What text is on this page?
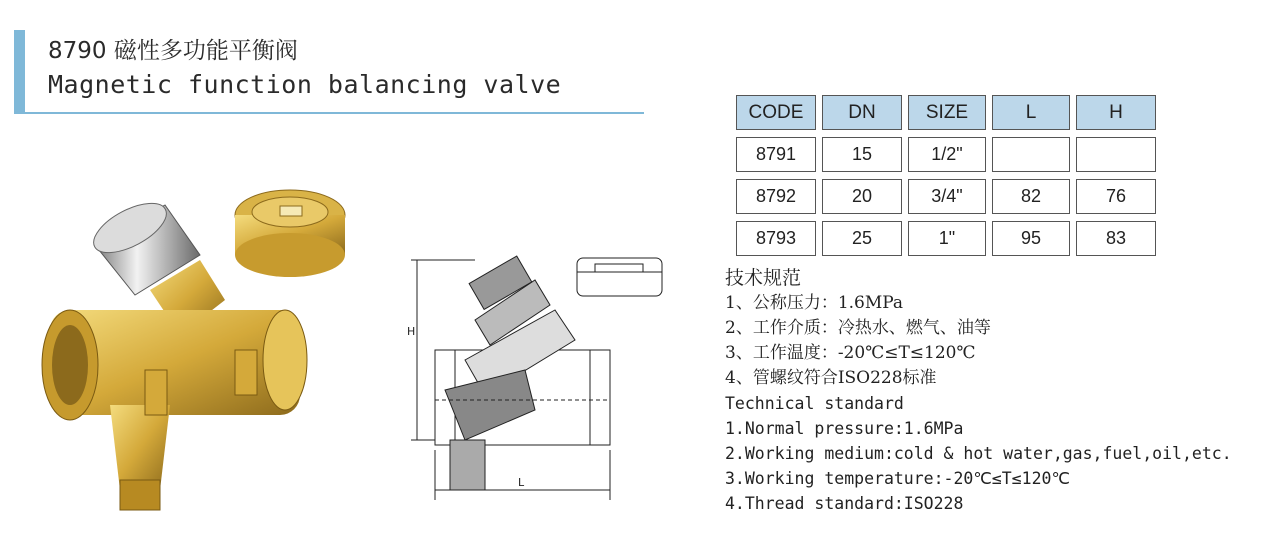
8790 磁性多功能平衡阀
Magnetic function balancing valve
H
L
CODE	DN	SIZE	L	H
8791	15	1/2"		
8792	20	3/4"	82	76
8793	25	1"	95	83
技术规范
1、公称压力：1.6MPa
2、工作介质：冷热水、燃气、油等
3、工作温度：-20℃≤T≤120℃
4、管螺纹符合ISO228标准
Technical standard
1.Normal pressure:1.6MPa
2.Working medium:cold & hot water,gas,fuel,oil,etc.
3.Working temperature:-20℃≤T≤120℃
4.Thread standard:ISO228
